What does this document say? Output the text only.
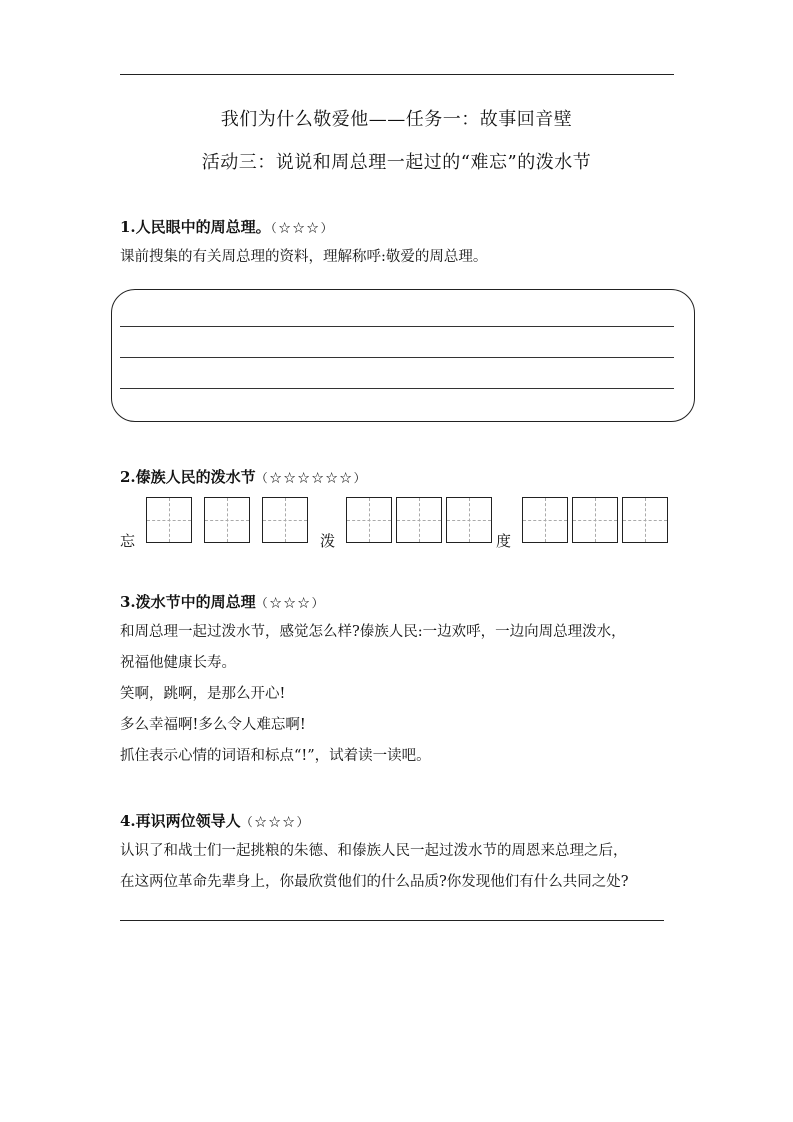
我们为什么敬爱他——任务一：故事回音壁
活动三：说说和周总理一起过的“难忘”的泼水节
1.人民眼中的周总理。（☆☆☆）
课前搜集的有关周总理的资料，理解称呼:敬爱的周总理。
2.傣族人民的泼水节（☆☆☆☆☆☆）
忘	泼	度
3.泼水节中的周总理（☆☆☆）
和周总理一起过泼水节，感觉怎么样?傣族人民:一边欢呼，一边向周总理泼水，
祝福他健康长寿。
笑啊，跳啊，是那么开心!
多么幸福啊!多么令人难忘啊!
抓住表示心情的词语和标点“!”，试着读一读吧。
4.再识两位领导人（☆☆☆）
认识了和战士们一起挑粮的朱德、和傣族人民一起过泼水节的周恩来总理之后，
在这两位革命先辈身上，你最欣赏他们的什么品质?你发现他们有什么共同之处?
